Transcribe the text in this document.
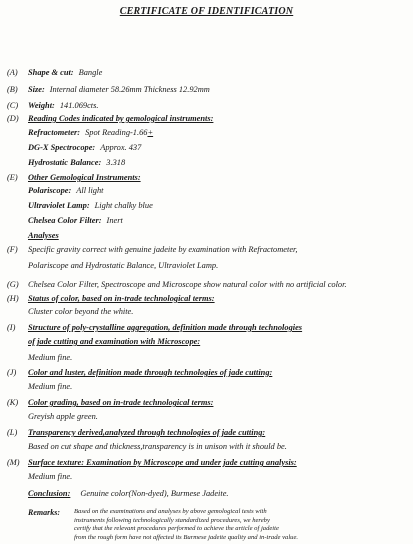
CERTIFICATE OF IDENTIFICATION
(A)	Shape & cut: Bangle
(B)	Size: Internal diameter 58.26mm Thickness 12.92mm
(C)	Weight: 141.069cts.
(D)	Reading Codes indicated by gemological instruments:
Refractometer: Spot Reading-1.66+
DG-X Spectrocope: Approx. 437
Hydrostatic Balance: 3.318
(E)	Other Gemological Instruments:
Polariscope: All light
Ultraviolet Lamp: Light chalky blue
Chelsea Color Filter: Inert
Analyses
(F)	Specific gravity correct with genuine jadeite by examination with Refractometer,
Polariscope and Hydrostatic Balance, Ultraviolet Lamp.
(G)	Chelsea Color Filter, Spectroscope and Microscope show natural color with no artificial color.
(H)	Status of color, based on in-trade technological terms:
Cluster color beyond the white.
(I)	Structure of poly-crystalline aggregation, definition made through technologies
of jade cutting and examination with Microscope:
Medium fine.
(J)	Color and luster, definition made through technologies of jade cutting:
Medium fine.
(K)	Color grading, based on in-trade technological terms:
Greyish apple green.
(L)	Transparency derived,analyzed through technologies of jade cutting:
Based on cut shape and thickness,transparency is in unison with it should be.
(M)	Surface texture: Examination by Microscope and under jade cutting analysis:
Medium fine.
Conclusion: Genuine color(Non-dyed), Burmese Jadeite.
Remarks: Based on the examinations and analyses by above gemological tests with
instruments following technologically standardized procedures, we hereby
certify that the relevant procedures performed to achieve the article of jadeite
from the rough form have not affected its Burmese jadeite quality and in-trade value.
